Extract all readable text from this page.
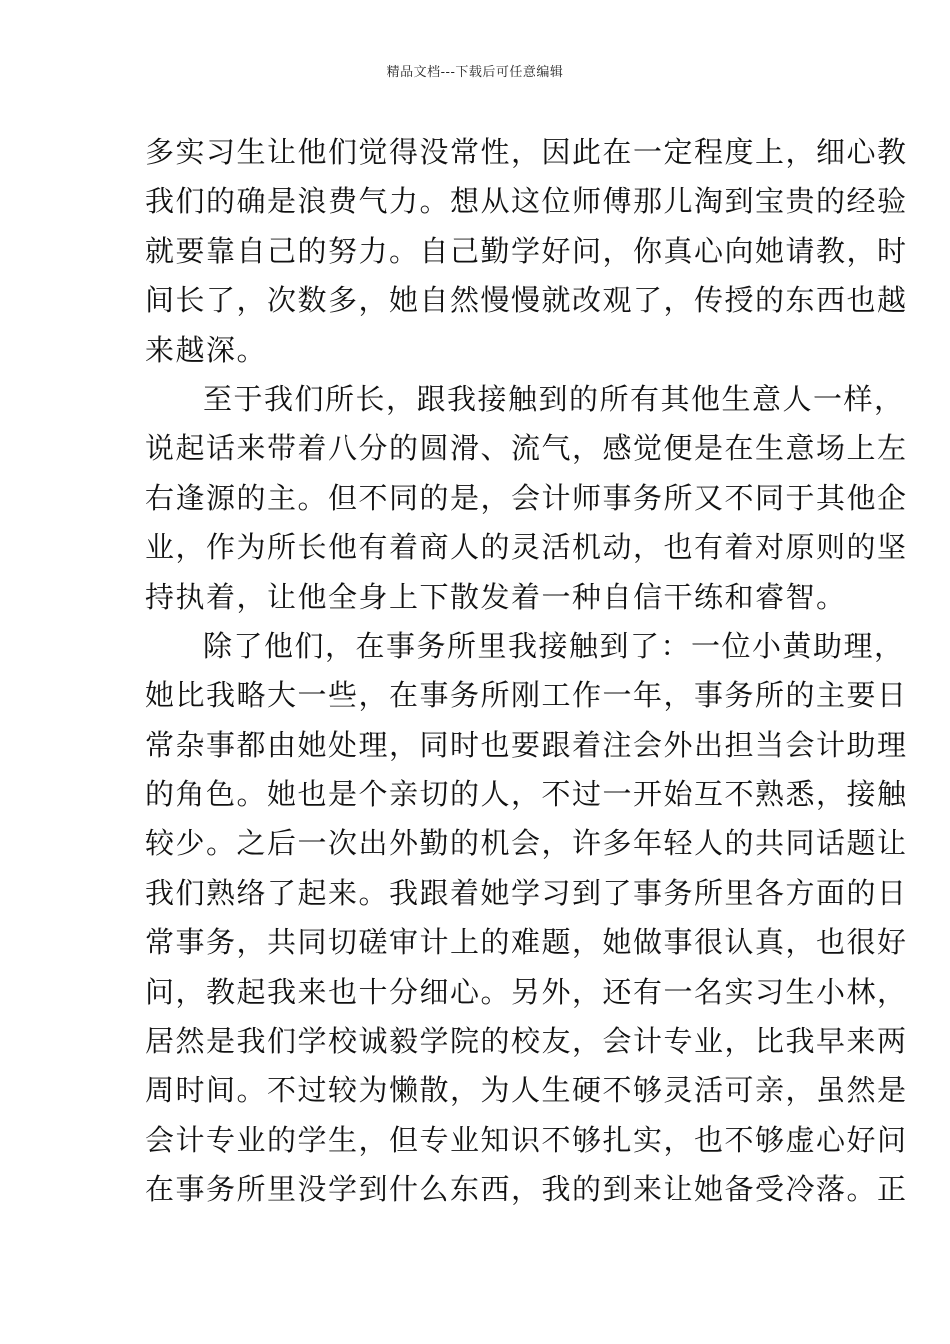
精品文档---下载后可任意编辑
多实习生让他们觉得没常性，因此在一定程度上，细心教
我们的确是浪费气力。想从这位师傅那儿淘到宝贵的经验
就要靠自己的努力。自己勤学好问，你真心向她请教，时
间长了，次数多，她自然慢慢就改观了，传授的东西也越
来越深。
至于我们所长，跟我接触到的所有其他生意人一样，
说起话来带着八分的圆滑、流气，感觉便是在生意场上左
右逢源的主。但不同的是，会计师事务所又不同于其他企
业，作为所长他有着商人的灵活机动，也有着对原则的坚
持执着，让他全身上下散发着一种自信干练和睿智。
除了他们，在事务所里我接触到了：一位小黄助理，
她比我略大一些，在事务所刚工作一年，事务所的主要日
常杂事都由她处理，同时也要跟着注会外出担当会计助理
的角色。她也是个亲切的人，不过一开始互不熟悉，接触
较少。之后一次出外勤的机会，许多年轻人的共同话题让
我们熟络了起来。我跟着她学习到了事务所里各方面的日
常事务，共同切磋审计上的难题，她做事很认真，也很好
问，教起我来也十分细心。另外，还有一名实习生小林，
居然是我们学校诚毅学院的校友，会计专业，比我早来两
周时间。不过较为懒散，为人生硬不够灵活可亲，虽然是
会计专业的学生，但专业知识不够扎实，也不够虚心好问
在事务所里没学到什么东西，我的到来让她备受冷落。正
